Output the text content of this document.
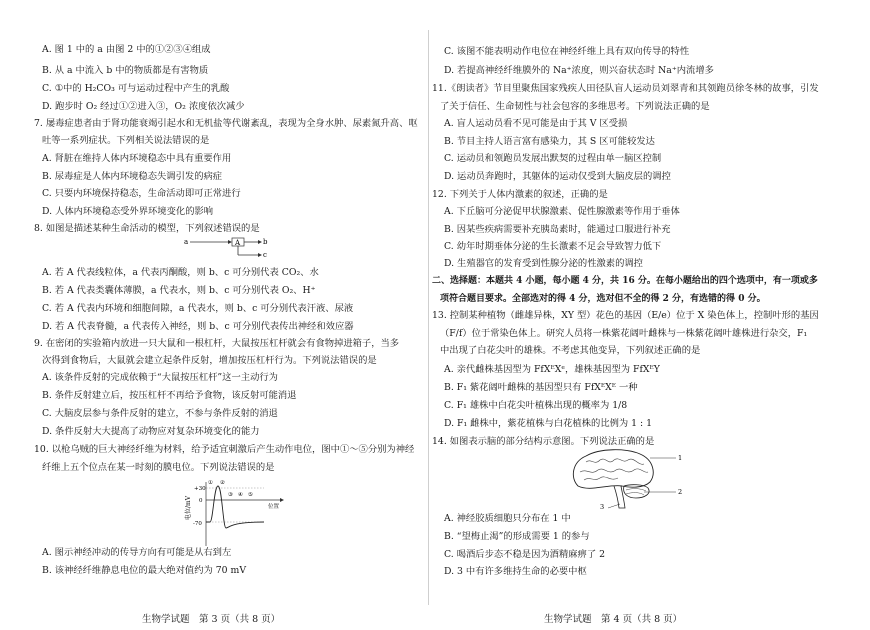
A. 图 1 中的 a 由图 2 中的①②③④组成
B. 从 a 中流入 b 中的物质都是有害物质
C. ①中的 H₂CO₃ 可与运动过程中产生的乳酸
D. 跑步时 O₂ 经过①②进入③，O₂ 浓度依次减少
7. 屡毒症患者由于肾功能衰竭引起水和无机盐等代谢紊乱，表现为全身水肿、尿素氮升高、呕
吐等一系列症状。下列相关说法错误的是
A. 肾脏在维持人体内环境稳态中具有重要作用
B. 尿毒症是人体内环境稳态失调引发的病症
C. 只要内环境保持稳态，生命活动即可正常进行
D. 人体内环境稳态受外界环境变化的影响
8. 如图是描述某种生命活动的模型，下列叙述错误的是
a	A	b
c
A. 若 A 代表线粒体，a 代表丙酮酸，则 b、c 可分别代表 CO₂、水
B. 若 A 代表类囊体薄膜，a 代表水，则 b、c 可分别代表 O₂、H⁺
C. 若 A 代表内环境和细胞间隙，a 代表水，则 b、c 可分别代表汗液、尿液
D. 若 A 代表脊髓，a 代表传入神经，则 b、c 可分别代表传出神经和效应器
9. 在密闭的实验箱内放进一只大鼠和一根杠杆，大鼠按压杠杆就会有食物掉进箱子，当多
次得到食物后，大鼠就会建立起条件反射，增加按压杠杆行为。下列说法错误的是
A. 该条件反射的完成依赖于“大鼠按压杠杆”这一主动行为
B. 条件反射建立后，按压杠杆不再给予食物，该反射可能消退
C. 大脑皮层参与条件反射的建立，不参与条件反射的消退
D. 条件反射大大提高了动物应对复杂环境变化的能力
10. 以枪乌贼的巨大神经纤维为材料，给予适宜刺激后产生动作电位，图中①～⑤分别为神经
纤维上五个位点在某一时刻的膜电位。下列说法错误的是
电位/mV
+30
0
-70
位置
① ②
③ ④ ⑤
A. 图示神经冲动的传导方向有可能是从右到左
B. 该神经纤维静息电位的最大绝对值约为 70 mV
生物学试题　第 3 页（共 8 页）
C. 该图不能表明动作电位在神经纤维上具有双向传导的特性
D. 若提高神经纤维膜外的 Na⁺浓度，则兴奋状态时 Na⁺内流增多
11.《朗读者》节目里聚焦国家残疾人田径队盲人运动员刘翠青和其领跑员徐冬林的故事，引发
了关于信任、生命韧性与社会包容的多维思考。下列说法正确的是
A. 盲人运动员看不见可能是由于其 V 区受损
B. 节目主持人语言富有感染力，其 S 区可能较发达
C. 运动员和领跑员发展出默契的过程由单一脑区控制
D. 运动员奔跑时，其躯体的运动仅受到大脑皮层的调控
12. 下列关于人体内激素的叙述，正确的是
A. 下丘脑可分泌促甲状腺激素、促性腺激素等作用于垂体
B. 因某些疾病需要补充胰岛素时，能通过口服进行补充
C. 幼年时期垂体分泌的生长激素不足会导致智力低下
D. 生殖器官的发育受到性腺分泌的性激素的调控
二、选择题：本题共 4 小题，每小题 4 分，共 16 分。在每小题给出的四个选项中，有一项或多
项符合题目要求。全部选对的得 4 分，选对但不全的得 2 分，有选错的得 0 分。
13. 控制某种植物（雌雄异株，XY 型）花色的基因（E/e）位于 X 染色体上，控制叶形的基因
（F/f）位于常染色体上。研究人员将一株紫花阔叶雌株与一株紫花阔叶雄株进行杂交，F₁
中出现了白花尖叶的雄株。不考虑其他变异，下列叙述正确的是
A. 亲代雌株基因型为 FfXᴱXᵉ，雄株基因型为 FfXᴱY
B. F₁ 紫花阔叶雌株的基因型只有 FfXᴱXᴱ 一种
C. F₁ 雄株中白花尖叶植株出现的概率为 1/8
D. F₁ 雌株中，紫花植株与白花植株的比例为 1 : 1
14. 如图表示脑的部分结构示意图。下列说法正确的是
1
2
3
A. 神经胶质细胞只分布在 1 中
B. “望梅止渴”的形成需要 1 的参与
C. 喝酒后步态不稳是因为酒精麻痹了 2
D. 3 中有许多维持生命的必要中枢
生物学试题　第 4 页（共 8 页）
